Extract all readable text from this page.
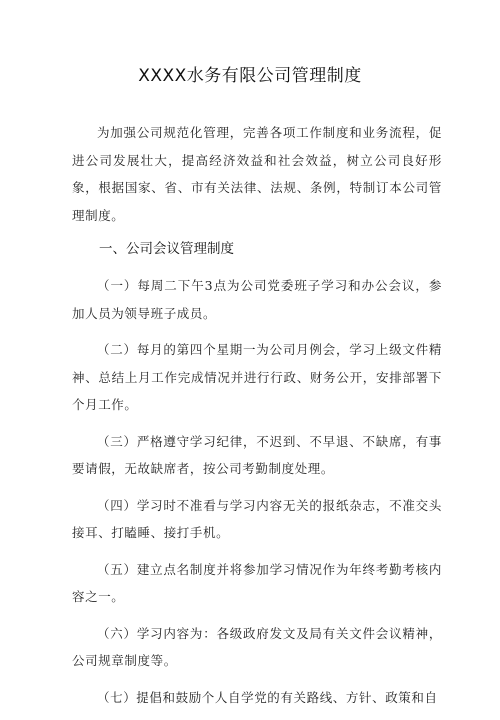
XXXX水务有限公司管理制度

为加强公司规范化管理，完善各项工作制度和业务流程，促进公司发展壮大，提高经济效益和社会效益，树立公司良好形象，根据国家、省、市有关法律、法规、条例，特制订本公司管理制度。

一、公司会议管理制度

（一）每周二下午3点为公司党委班子学习和办公会议，参加人员为领导班子成员。

（二）每月的第四个星期一为公司月例会，学习上级文件精神、总结上月工作完成情况并进行行政、财务公开，安排部署下个月工作。

（三）严格遵守学习纪律，不迟到、不早退、不缺席，有事要请假，无故缺席者，按公司考勤制度处理。

（四）学习时不准看与学习内容无关的报纸杂志，不准交头接耳、打瞌睡、接打手机。

（五）建立点名制度并将参加学习情况作为年终考勤考核内容之一。

（六）学习内容为：各级政府发文及局有关文件会议精神，公司规章制度等。

（七）提倡和鼓励个人自学党的有关路线、方针、政策和自
